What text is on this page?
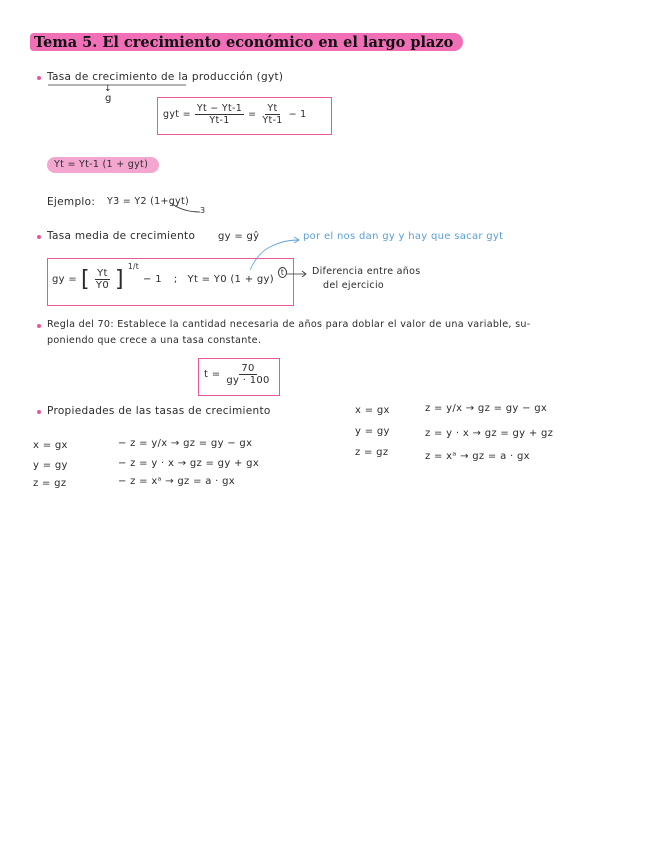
Tema 5. El crecimiento económico en el largo plazo
Tasa de crecimiento de la producción (gyt)
↓
g
gyt = $\frac{Yt - Yt-1}{Yt-1} = \frac{Yt}{Yt-1} - 1$
Yt = Yt-1 (1 + gyt)
Ejemplo: Y3 = Y2 (1+gyt)
3
Tasa media de crecimiento gy = gŷ	por el nos dan gy y hay que sacar gyt
gy = [ $\frac{Yt}{Y0}$ ] 1/t
− 1 ; Yt = Y0 (1 + gy)
t	Diferencia entre años
del ejercicio
Regla del 70: Establece la cantidad necesaria de años para doblar el valor de una variable, su-
poniendo que crece a una tasa constante.
$t = \frac{70}{gy \cdot 100}$
Propiedades de las tasas de crecimiento
x = gx
y = gy
z = gz
− z = y/x → gz = gy − gx
− z = y · x → gz = gy + gx
− z = xᵃ → gz = a · gx
x = gx
y = gy
z = gz
z = y/x → gz = gy − gx
z = y · x → gz = gy + gz
z = xᵃ → gz = a · gx
